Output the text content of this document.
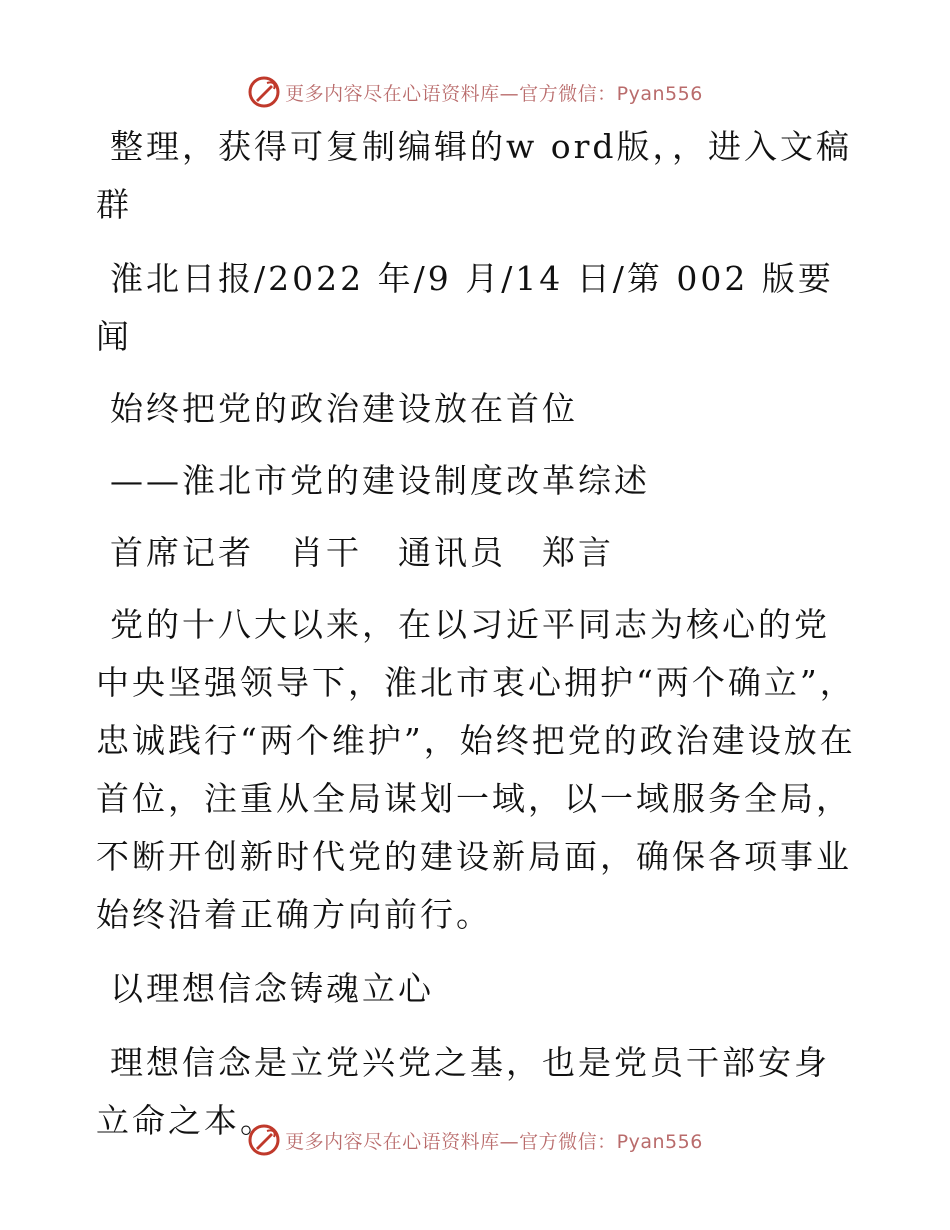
更多内容尽在心语资料库—官方微信：Pyan556

整理，获得可复制编辑的w ord版，，进入文稿

群

淮北日报/2022 年/9 月/14 日/第 002 版要闻

始终把党的政治建设放在首位

——淮北市党的建设制度改革综述

首席记者　肖干　通讯员　郑言

党的十八大以来，在以习近平同志为核心的党中央坚强领导下，淮北市衷心拥护“两个确立”，忠诚践行“两个维护”，始终把党的政治建设放在首位，注重从全局谋划一域，以一域服务全局，不断开创新时代党的建设新局面，确保各项事业始终沿着正确方向前行。

以理想信念铸魂立心

理想信念是立党兴党之基，也是党员干部安身立命之本。

更多内容尽在心语资料库—官方微信：Pyan556
